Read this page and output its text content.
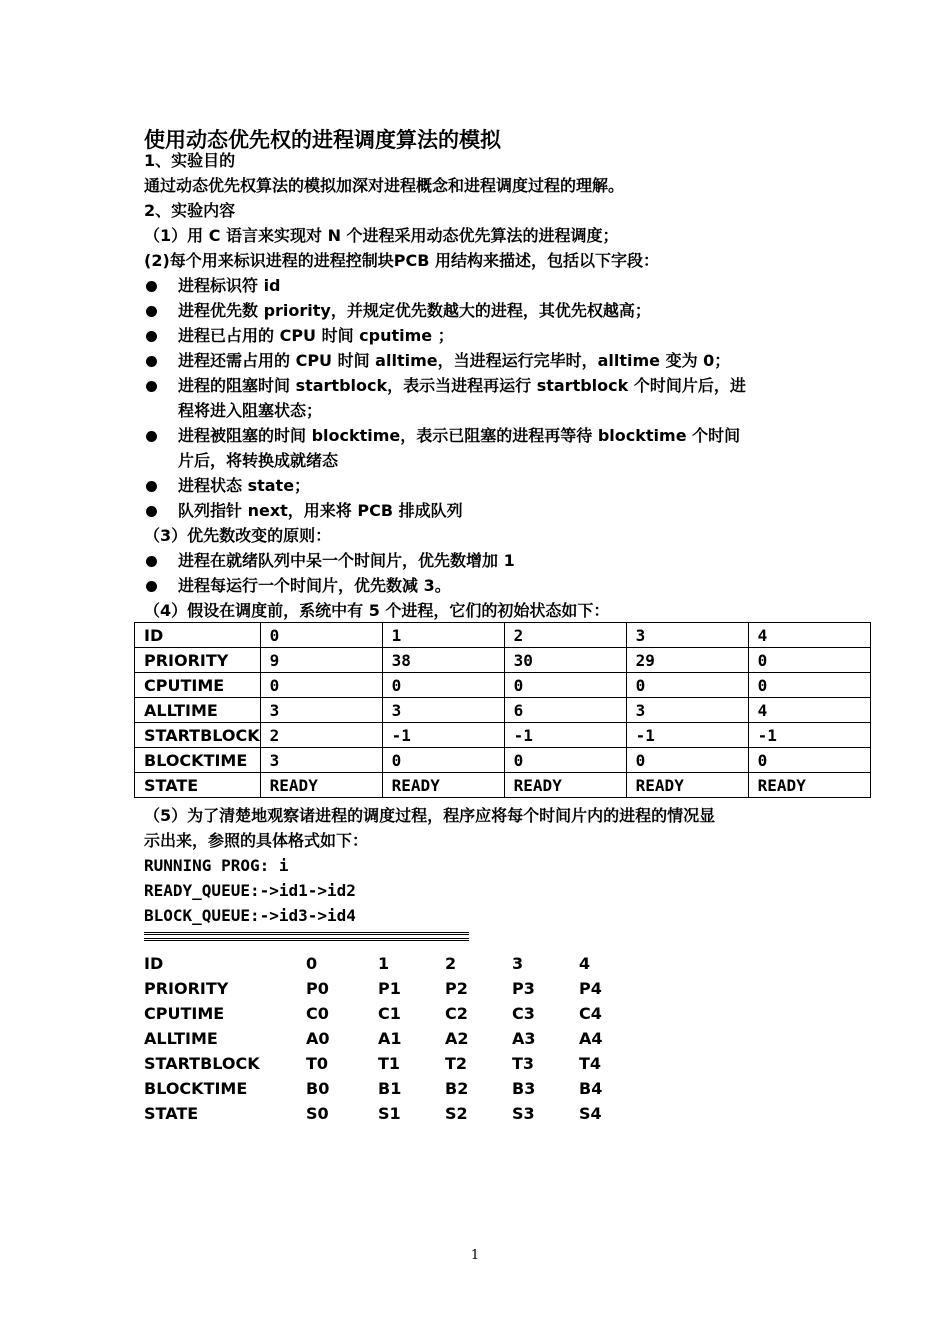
使用动态优先权的进程调度算法的模拟
1、实验目的
通过动态优先权算法的模拟加深对进程概念和进程调度过程的理解。
2、实验内容
（1）用 C 语言来实现对 N 个进程采用动态优先算法的进程调度；
(2)每个用来标识进程的进程控制块PCB 用结构来描述，包括以下字段：
进程标识符 id
进程优先数 priority，并规定优先数越大的进程，其优先权越高；
进程已占用的 CPU 时间 cputime ；
进程还需占用的 CPU 时间 alltime，当进程运行完毕时，alltime 变为 0；
进程的阻塞时间 startblock，表示当进程再运行 startblock 个时间片后，进
程将进入阻塞状态；
进程被阻塞的时间 blocktime，表示已阻塞的进程再等待 blocktime 个时间
片后，将转换成就绪态
进程状态 state；
队列指针 next，用来将 PCB 排成队列
（3）优先数改变的原则：
进程在就绪队列中呆一个时间片，优先数增加 1
进程每运行一个时间片，优先数减 3。
（4）假设在调度前，系统中有 5 个进程，它们的初始状态如下：
ID	0	1	2	3	4
PRIORITY	9	38	30	29	0
CPUTIME	0	0	0	0	0
ALLTIME	3	3	6	3	4
STARTBLOCK	2	-1	-1	-1	-1
BLOCKTIME	3	0	0	0	0
STATE	READY	READY	READY	READY	READY
（5）为了清楚地观察诸进程的调度过程，程序应将每个时间片内的进程的情况显
示出来，参照的具体格式如下：
RUNNING PROG: i
READY_QUEUE:->id1->id2
BLOCK_QUEUE:->id3->id4
ID	0	1	2	3	4
PRIORITY	P0	P1	P2	P3	P4
CPUTIME	C0	C1	C2	C3	C4
ALLTIME	A0	A1	A2	A3	A4
STARTBLOCK	T0	T1	T2	T3	T4
BLOCKTIME	B0	B1	B2	B3	B4
STATE	S0	S1	S2	S3	S4
1
